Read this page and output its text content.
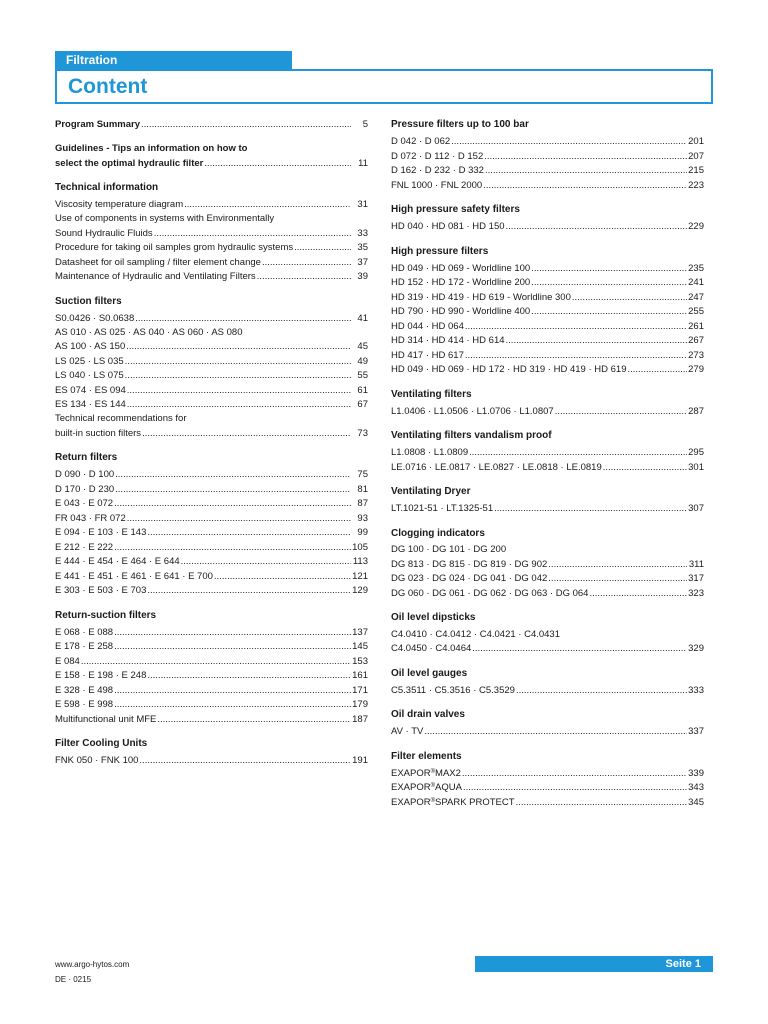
Filtration
Content
Program Summary .....	5
Guidelines - Tips an information on how to
select the optimal hydraulic filter .....	11
Technical information
Viscosity temperature diagram .....	31
Use of components in systems with Environmentally
Sound Hydraulic Fluids .....	33
Procedure for taking oil samples grom hydraulic systems .....	35
Datasheet for oil sampling / filter element change .....	37
Maintenance of Hydraulic and Ventilating Filters .....	39
Suction filters
S0.0426 · S0.0638 .....	41
AS 010 · AS 025 · AS 040 · AS 060 · AS 080
AS 100 · AS 150 .....	45
LS 025 · LS 035 .....	49
LS 040 · LS 075 .....	55
ES 074 · ES 094 .....	61
ES 134 · ES 144 .....	67
Technical recommendations for
built-in suction filters .....	73
Return filters
D 090 · D 100 .....	75
D 170 · D 230 .....	81
E 043 · E 072 .....	87
FR 043 · FR 072 .....	93
E 094 · E 103 · E 143 .....	99
E 212 · E 222 .....	105
E 444 · E 454 · E 464 · E 644 .....	113
E 441 · E 451 · E 461 · E 641 · E 700 .....	121
E 303 · E 503 · E 703 .....	129
Return-suction filters
E 068 · E 088 .....	137
E 178 · E 258 .....	145
E 084 .....	153
E 158 · E 198 · E 248 .....	161
E 328 · E 498 .....	171
E 598 · E 998 .....	179
Multifunctional unit MFE .....	187
Filter Cooling Units
FNK 050 · FNK 100 .....	191
Pressure filters up to 100 bar
D 042 · D 062 .....	201
D 072 · D 112 · D 152 .....	207
D 162 · D 232 · D 332 .....	215
FNL 1000 · FNL 2000 .....	223
High pressure safety filters
HD 040 · HD 081 · HD 150 .....	229
High pressure filters
HD 049 · HD 069 - Worldline 100 .....	235
HD 152 · HD 172 - Worldline 200 .....	241
HD 319 · HD 419 · HD 619 - Worldline 300 .....	247
HD 790 · HD 990 - Worldline 400 .....	255
HD 044 · HD 064 .....	261
HD 314 · HD 414 · HD 614 .....	267
HD 417 · HD 617 .....	273
HD 049 · HD 069 · HD 172 · HD 319 · HD 419 · HD 619 .....	279
Ventilating filters
L1.0406 · L1.0506 · L1.0706 · L1.0807 .....	287
Ventilating filters vandalism proof
L1.0808 · L1.0809 .....	295
LE.0716 · LE.0817 · LE.0827 · LE.0818 · LE.0819 .....	301
Ventilating Dryer
LT.1021-51 · LT.1325-51 .....	307
Clogging indicators
DG 100 · DG 101 · DG 200
DG 813 · DG 815 · DG 819 · DG 902 .....	311
DG 023 · DG 024 · DG 041 · DG 042 .....	317
DG 060 · DG 061 · DG 062 · DG 063 · DG 064 .....	323
Oil level dipsticks
C4.0410 · C4.0412 · C4.0421 · C4.0431
C4.0450 · C4.0464 .....	329
Oil level gauges
C5.3511 · C5.3516 · C5.3529 .....	333
Oil drain valves
AV · TV .....	337
Filter elements
EXAPOR®MAX2 .....	339
EXAPOR®AQUA .....	343
EXAPOR®SPARK PROTECT .....	345
www.argo-hytos.com
DE · 0215
Seite 1
